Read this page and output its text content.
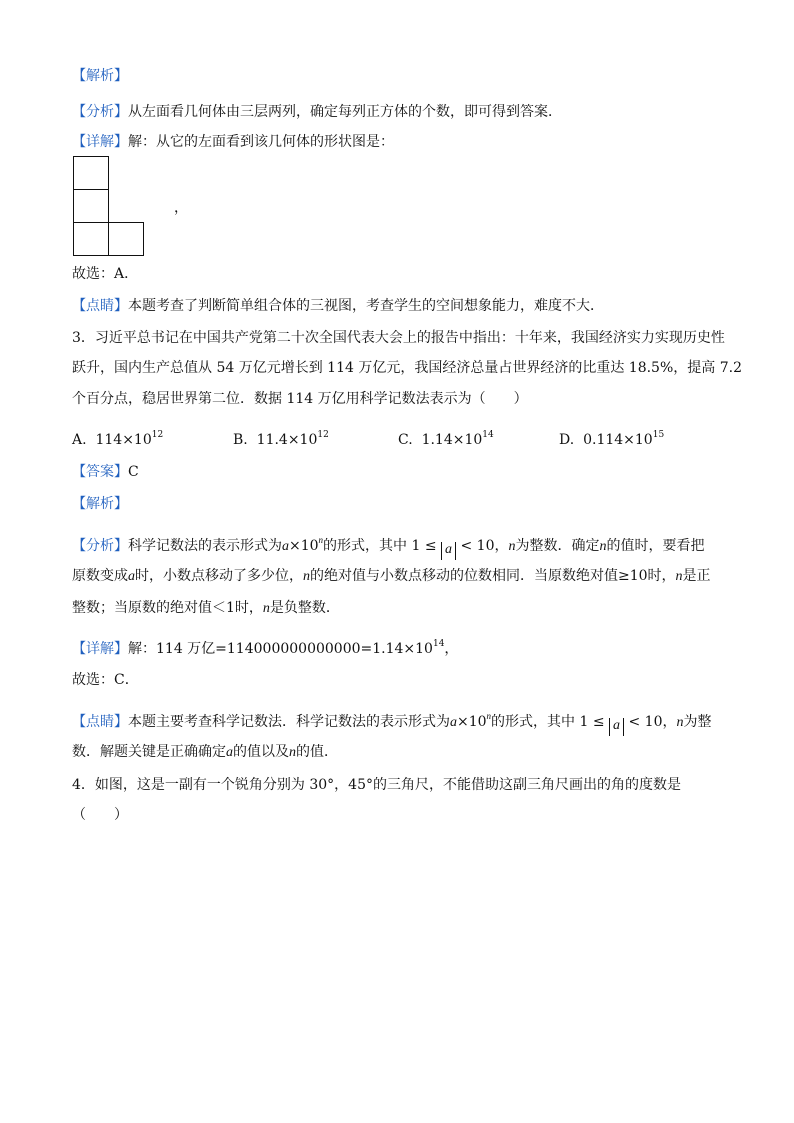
【解析】
【分析】从左面看几何体由三层两列，确定每列正方体的个数，即可得到答案．
【详解】解：从它的左面看到该几何体的形状图是：
，
故选：A．
【点睛】本题考查了判断简单组合体的三视图，考查学生的空间想象能力，难度不大．
3．习近平总书记在中国共产党第二十次全国代表大会上的报告中指出：十年来，我国经济实力实现历史性
跃升，国内生产总值从 54 万亿元增长到 114 万亿元，我国经济总量占世界经济的比重达 18.5%，提高 7.2
个百分点，稳居世界第二位．数据 114 万亿用科学记数法表示为（　　）
A. $114\times 10^{12}$	B. $11.4\times 10^{12}$	C. $1.14\times 10^{14}$	D. $0.114\times 10^{15}$
【答案】C
【解析】
【分析】科学记数法的表示形式为$a\times 10^n$的形式，其中 1 ≤ a < 10，n为整数．确定n的值时，要看把
原数变成a时，小数点移动了多少位，n的绝对值与小数点移动的位数相同．当原数绝对值≥10时，n是正
整数；当原数的绝对值＜1时，n是负整数．
【详解】解：114 万亿$=114000000000000=1.14\times 10^{14}$，
故选：C．
【点睛】本题主要考查科学记数法．科学记数法的表示形式为$a\times 10^n$的形式，其中 1 ≤ a < 10，n为整
数．解题关键是正确确定a的值以及n的值．
4．如图，这是一副有一个锐角分别为 30°，45°的三角尺，不能借助这副三角尺画出的角的度数是
（　　）
